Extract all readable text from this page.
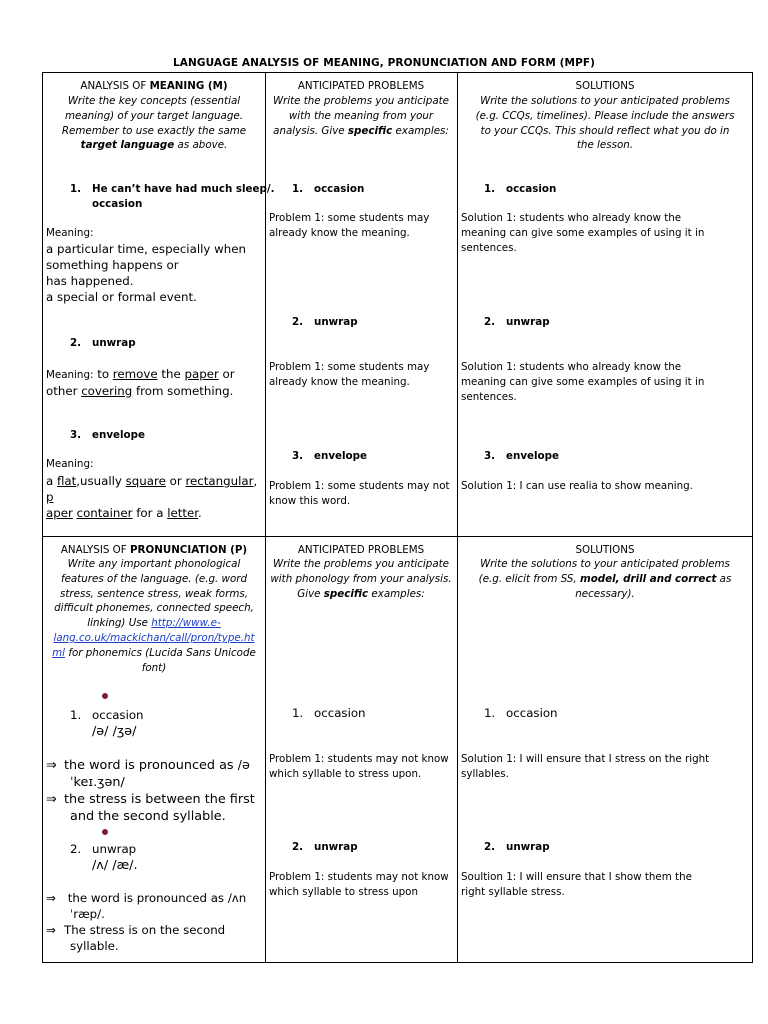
LANGUAGE ANALYSIS OF MEANING, PRONUNCIATION AND FORM (MPF)
ANALYSIS OF MEANING (M)
Write the key concepts (essential
meaning) of your target language.
Remember to use exactly the same
target language as above.
1. He can’t have had much sleep/.
occasion
Meaning:
a particular time, especially when
something happens or
has happened.
a special or formal event.
2. unwrap
Meaning: to remove the paper or
other covering from something.
3. envelope
Meaning:
a flat,usually square or rectangular, p
aper container for a letter.
ANTICIPATED PROBLEMS
Write the problems you anticipate
with the meaning from your
analysis. Give specific examples:
1. occasion
Problem 1: some students may
already know the meaning.
2. unwrap
Problem 1: some students may
already know the meaning.
3. envelope
Problem 1: some students may not
know this word.
SOLUTIONS
Write the solutions to your anticipated problems
(e.g. CCQs, timelines). Please include the answers
to your CCQs. This should reflect what you do in
the lesson.
1. occasion
Solution 1: students who already know the
meaning can give some examples of using it in
sentences.
2. unwrap
Solution 1: students who already know the
meaning can give some examples of using it in
sentences.
3. envelope
Solution 1: I can use realia to show meaning.
ANALYSIS OF PRONUNCIATION (P)
Write any important phonological
features of the language. (e.g. word
stress, sentence stress, weak forms,
difficult phonemes, connected speech,
linking) Use http://www.e-
lang.co.uk/mackichan/call/pron/type.ht
ml for phonemics (Lucida Sans Unicode
font)
1. occasion
/ə/ /ʒə/
⇒ the word is pronounced as /ə
ˈkeɪ.ʒən/
⇒ the stress is between the first
and the second syllable.
2. unwrap
/ʌ/ /æ/.
⇒ the word is pronounced as /ʌn
ˈræp/.
⇒ The stress is on the second
syllable.
ANTICIPATED PROBLEMS
Write the problems you anticipate
with phonology from your analysis.
Give specific examples:
1. occasion
Problem 1: students may not know
which syllable to stress upon.
2. unwrap
Problem 1: students may not know
which syllable to stress upon
SOLUTIONS
Write the solutions to your anticipated problems
(e.g. elicit from SS, model, drill and correct as
necessary).
1. occasion
Solution 1: I will ensure that I stress on the right
syllables.
2. unwrap
Soultion 1: I will ensure that I show them the
right syllable stress.
